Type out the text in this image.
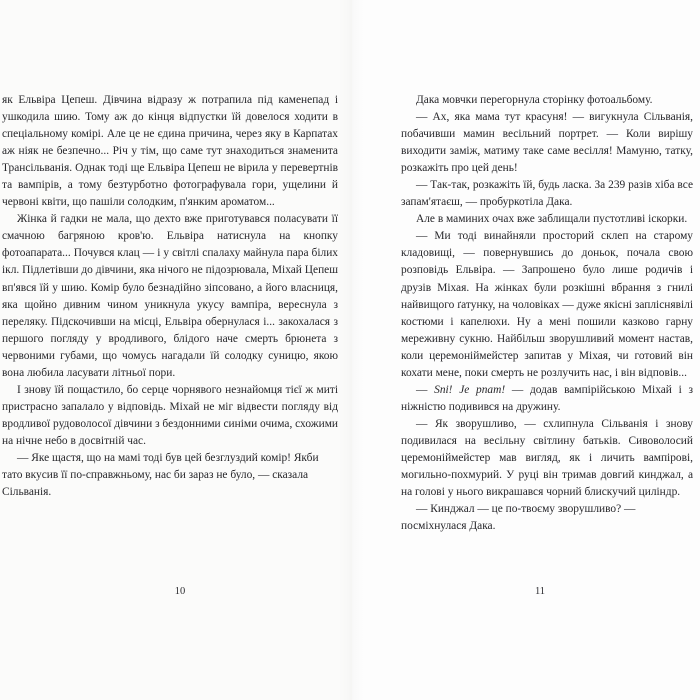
як Ельвіра Цепеш. Дівчина відразу ж потрапила під каменепад і ушкодила шию. Тому аж до кінця відпустки їй довелося ходити в спеціальному комірі. Але це не єдина причина, через яку в Карпатах аж ніяк не безпечно... Річ у тім, що саме тут знаходиться знаменита Трансільванія. Однак тоді ще Ельвіра Цепеш не вірила у перевертнів та вампірів, а тому безтурботно фотографувала гори, ущелини й червоні квіти, що пашіли солодким, п'янким ароматом...

Жінка й гадки не мала, що дехто вже приготувався поласувати її смачною багряною кров'ю. Ельвіра натиснула на кнопку фотоапарата... Почувся клац — і у світлі спалаху майнула пара білих ікл. Підлетівши до дівчини, яка нічого не підозрювала, Міхай Цепеш вп'явся їй у шию. Комір було безнадійно зіпсовано, а його власниця, яка щойно дивним чином уникнула укусу вампіра, вереснула з переляку. Підскочивши на місці, Ельвіра обернулася і... закохалася з першого погляду у вродливого, блідого наче смерть брюнета з червоними губами, що чомусь нагадали їй солодку суницю, якою вона любила ласувати літньої пори.

І знову їй пощастило, бо серце чорнявого незнайомця тієї ж миті пристрасно запалало у відповідь. Міхай не міг відвести погляду від вродливої рудоволосої дівчини з бездонними синіми очима, схожими на нічне небо в досвітній час.

— Яке щастя, що на мамі тоді був цей безглуздий комір! Якби тато вкусив її по-справжньому, нас би зараз не було, — сказала Сільванія.

10

Дака мовчки перегорнула сторінку фотоальбому.

— Ах, яка мама тут красуня! — вигукнула Сільванія, побачивши мамин весільний портрет. — Коли вирішу виходити заміж, матиму таке саме весілля! Мамуню, татку, розкажіть про цей день!

— Так-так, розкажіть їй, будь ласка. За 239 разів хіба все запам'ятаєш, — пробуркотіла Дака.

Але в маминих очах вже заблищали пустотливі іскорки.

— Ми тоді винайняли просторий склеп на старому кладовищі, — повернувшись до доньок, почала свою розповідь Ельвіра. — Запрошено було лише родичів і друзів Міхая. На жінках були розкішні вбрання з гнилі найвищого ґатунку, на чоловіках — дуже якісні запліснявілі костюми і капелюхи. Ну а мені пошили казково гарну мереживну сукню. Найбільш зворушливий момент настав, коли церемоніймейстер запитав у Міхая, чи готовий він кохати мене, поки смерть не розлучить нас, і він відповів...

— Sni! Je pnam! — додав вампірійською Міхай і з ніжністю подивився на дружину.

— Як зворушливо, — схлипнула Сільванія і знову подивилася на весільну світлину батьків. Сивоволосий церемоніймейстер мав вигляд, як і личить вампірові, могильно-похмурий. У руці він тримав довгий кинджал, а на голові у нього викрашався чорний блискучий циліндр.

— Кинджал — це по-твоєму зворушливо? — посміхнулася Дака.

11
